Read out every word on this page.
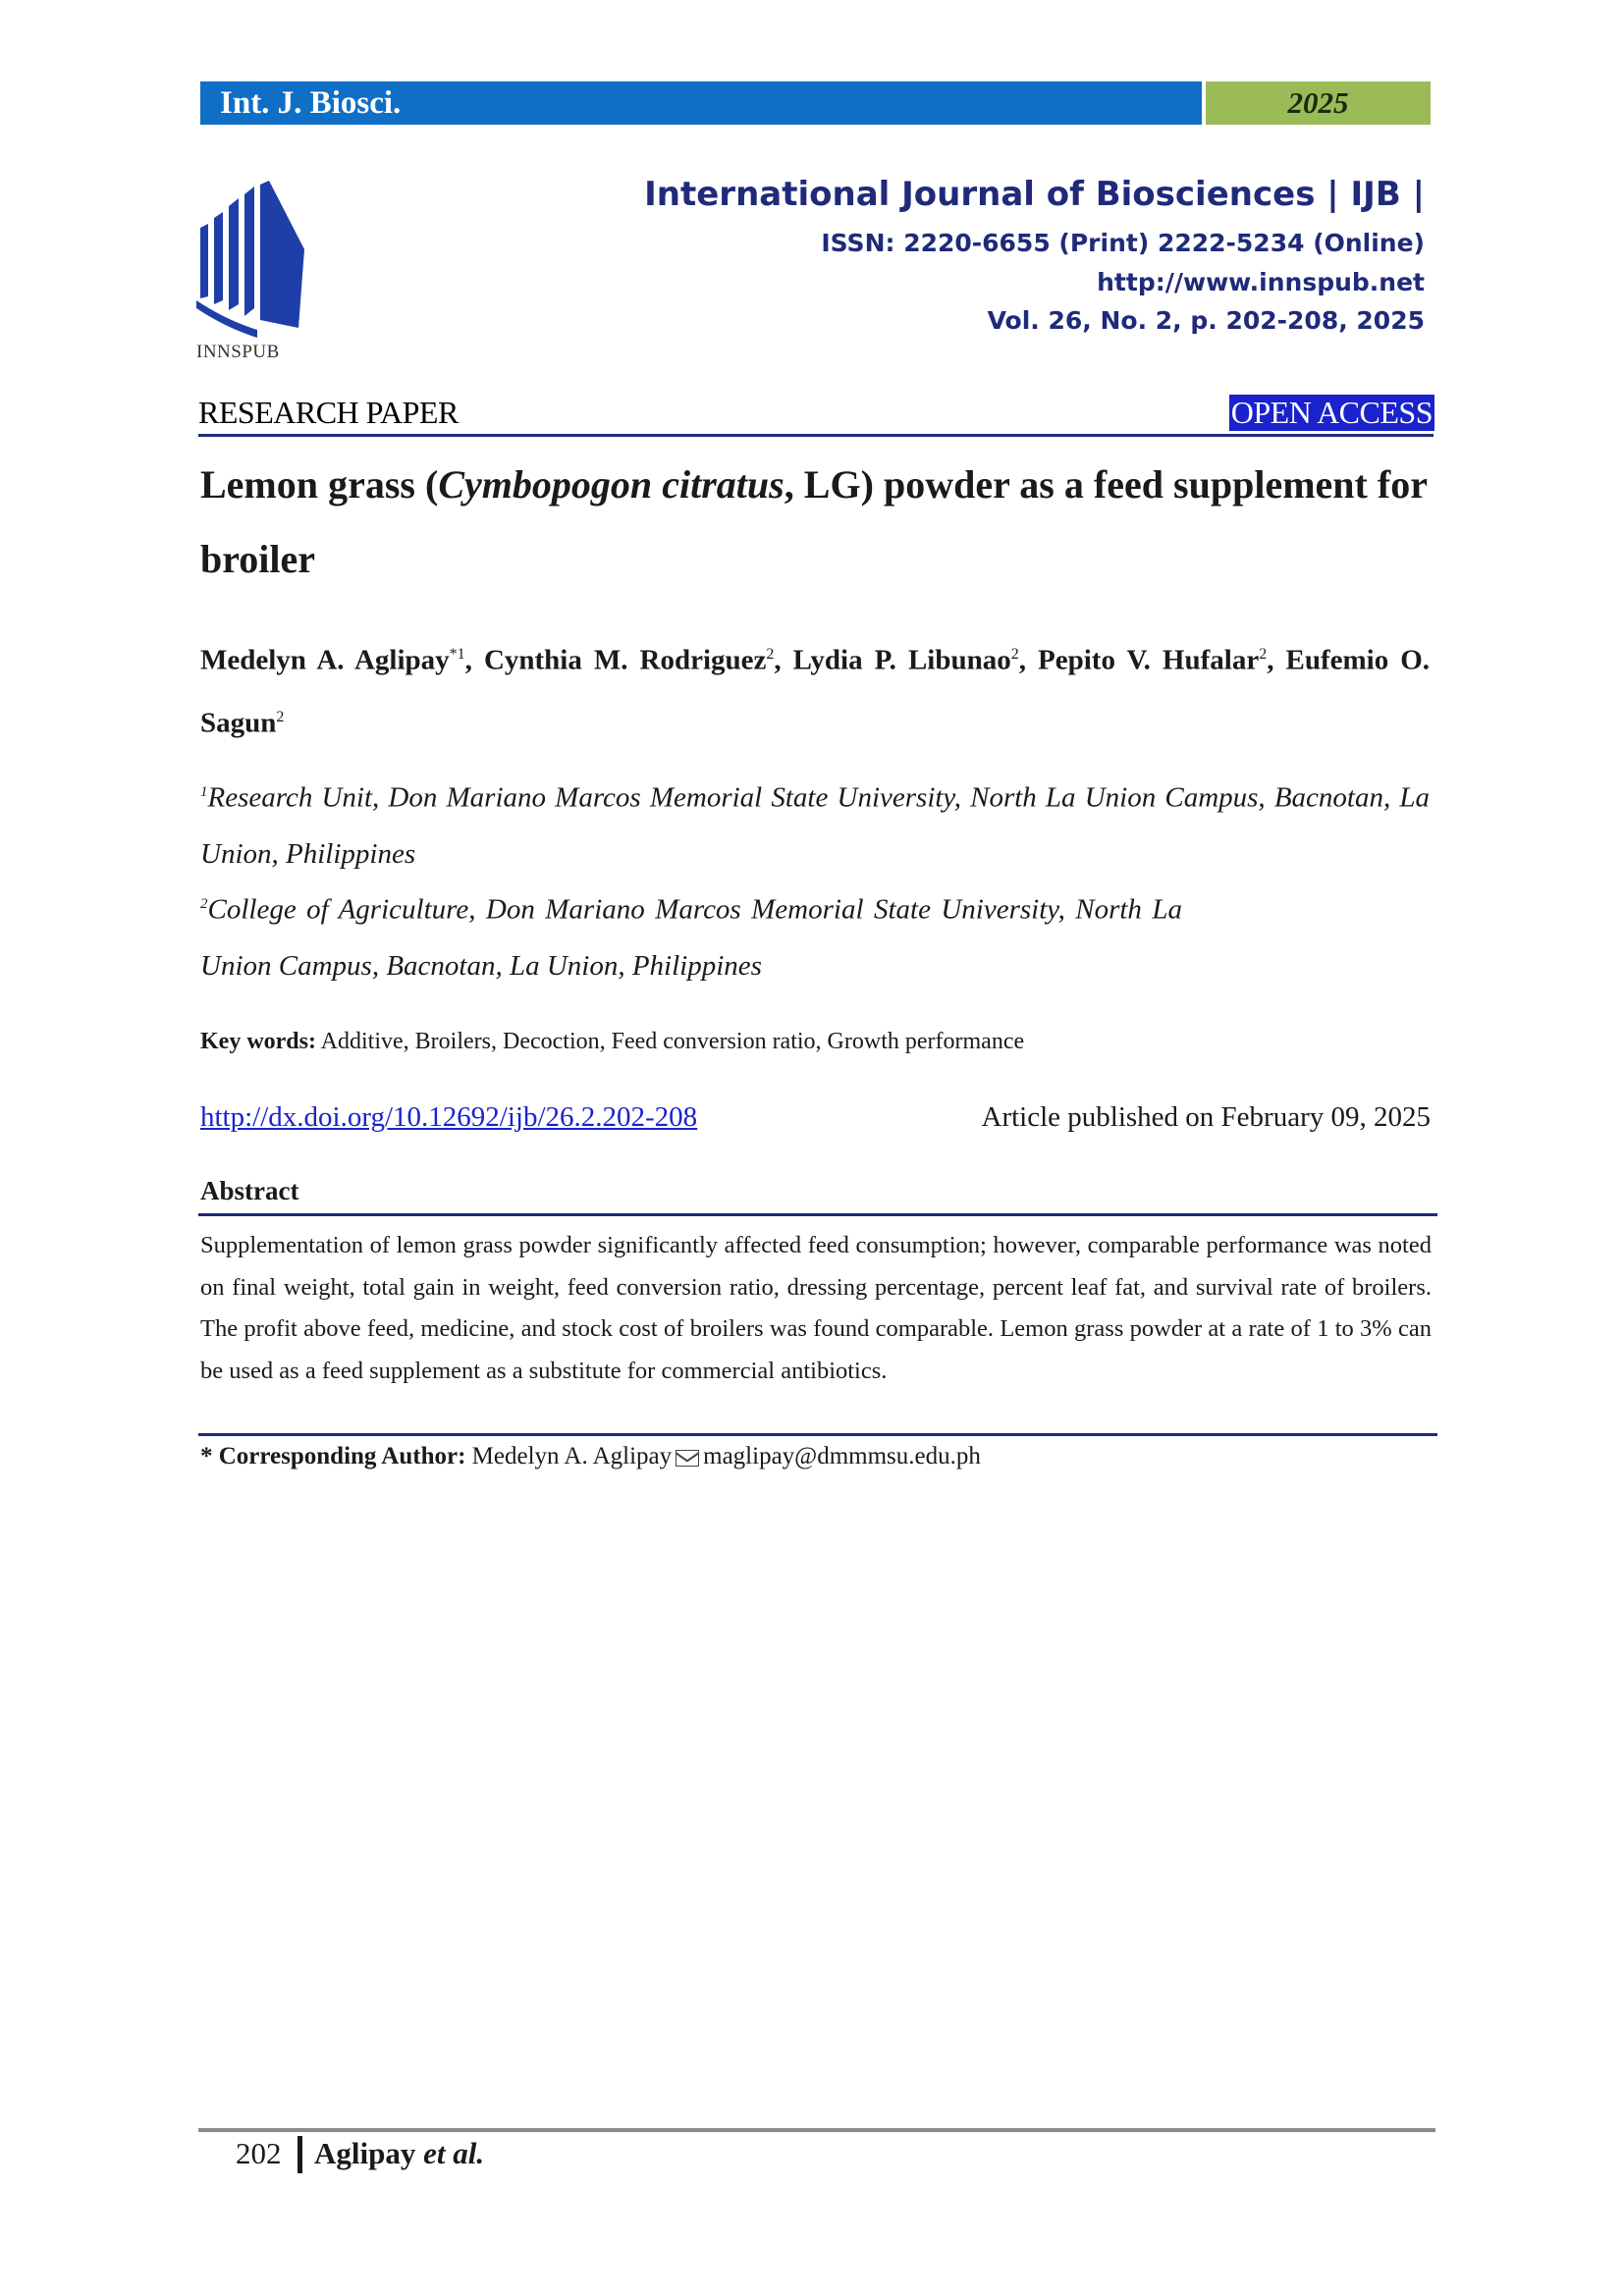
Int. J. Biosci.	2025
INNSPUB
International Journal of Biosciences | IJB |
ISSN: 2220-6655 (Print) 2222-5234 (Online)
http://www.innspub.net
Vol. 26, No. 2, p. 202-208, 2025
RESEARCH PAPER	OPEN ACCESS
Lemon grass (Cymbopogon citratus, LG) powder as a feed supplement for broiler
Medelyn A. Aglipay$^{*1}$, Cynthia M. Rodriguez$^2$, Lydia P. Libunao$^2$, Pepito V. Hufalar$^2$, Eufemio O. Sagun$^2$
$^1$Research Unit, Don Mariano Marcos Memorial State University, North La Union Campus, Bacnotan, La Union, Philippines
$^2$College of Agriculture, Don Mariano Marcos Memorial State University, North La Union Campus, Bacnotan, La Union, Philippines
Key words: Additive, Broilers, Decoction, Feed conversion ratio, Growth performance
http://dx.doi.org/10.12692/ijb/26.2.202-208	Article published on February 09, 2025
Abstract
Supplementation of lemon grass powder significantly affected feed consumption; however, comparable performance was noted on final weight, total gain in weight, feed conversion ratio, dressing percentage, percent leaf fat, and survival rate of broilers. The profit above feed, medicine, and stock cost of broilers was found comparable. Lemon grass powder at a rate of 1 to 3% can be used as a feed supplement as a substitute for commercial antibiotics.
* Corresponding Author: Medelyn A. Aglipay maglipay@dmmmsu.edu.ph
202 Aglipay et al.
